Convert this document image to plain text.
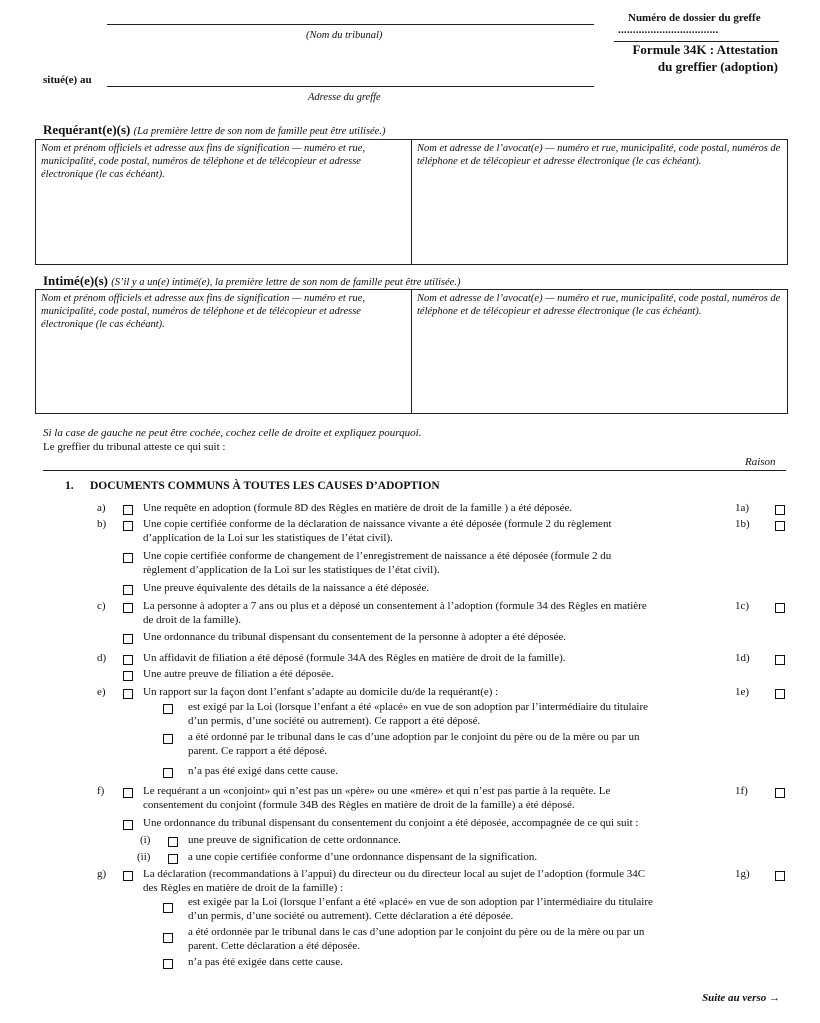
(Nom du tribunal)
situé(e) au
Adresse du greffe
Numéro de dossier du greffe
..................................
Formule 34K : Attestation
du greffier (adoption)
Requérant(e)(s) (La première lettre de son nom de famille peut être utilisée.)
Nom et prénom officiels et adresse aux fins de signification — numéro et rue, municipalité, code postal, numéros de téléphone et de télécopieur et adresse électronique (le cas échéant).
Nom et adresse de l’avocat(e) — numéro et rue, municipalité, code postal, numéros de téléphone et de télécopieur et adresse électronique (le cas échéant).
Intimé(e)(s) (S’il y a un(e) intimé(e), la première lettre de son nom de famille peut être utilisée.)
Nom et prénom officiels et adresse aux fins de signification — numéro et rue, municipalité, code postal, numéros de téléphone et de télécopieur et adresse électronique (le cas échéant).
Nom et adresse de l’avocat(e) — numéro et rue, municipalité, code postal, numéros de téléphone et de télécopieur et adresse électronique (le cas échéant).
Si la case de gauche ne peut être cochée, cochez celle de droite et expliquez pourquoi.
Le greffier du tribunal atteste ce qui suit :
Raison
1. DOCUMENTS COMMUNS À TOUTES LES CAUSES D’ADOPTION
a)	Une requête en adoption (formule 8D des Règles en matière de droit de la famille ) a été déposée.	1a)
b)	Une copie certifiée conforme de la déclaration de naissance vivante a été déposée (formule 2 du règlement
d’application de la Loi sur les statistiques de l’état civil).
1b)
Une copie certifiée conforme de changement de l’enregistrement de naissance a été déposée (formule 2 du
règlement d’application de la Loi sur les statistiques de l’état civil).
Une preuve équivalente des détails de la naissance a été déposée.
c)	La personne à adopter a 7 ans ou plus et a déposé un consentement à l’adoption (formule 34 des Règles en matière
de droit de la famille).
1c)
Une ordonnance du tribunal dispensant du consentement de la personne à adopter a été déposée.
d)	Un affidavit de filiation a été déposé (formule 34A des Règles en matière de droit de la famille).	1d)
Une autre preuve de filiation a été déposée.
e)	Un rapport sur la façon dont l’enfant s’adapte au domicile du/de la requérant(e) :	1e)
est exigé par la Loi (lorsque l’enfant a été «placé» en vue de son adoption par l’intermédiaire du titulaire
d’un permis, d’une société ou autrement). Ce rapport a été déposé.
a été ordonné par le tribunal dans le cas d’une adoption par le conjoint du père ou de la mère ou par un
parent. Ce rapport a été déposé.
n’a pas été exigé dans cette cause.
f)	Le requérant a un «conjoint» qui n’est pas un «père» ou une «mère» et qui n’est pas partie à la requête. Le
consentement du conjoint (formule 34B des Règles en matière de droit de la famille) a été déposé.
1f)
Une ordonnance du tribunal dispensant du consentement du conjoint a été déposée, accompagnée de ce qui suit :
(i)	une preuve de signification de cette ordonnance.
(ii)	a une copie certifiée conforme d’une ordonnance dispensant de la signification.
g)	La déclaration (recommandations à l’appui) du directeur ou du directeur local au sujet de l’adoption (formule 34C
des Règles en matière de droit de la famille) :
1g)
est exigée par la Loi (lorsque l’enfant a été «placé» en vue de son adoption par l’intermédiaire du titulaire
d’un permis, d’une société ou autrement). Cette déclaration a été déposée.
a été ordonnée par le tribunal dans le cas d’une adoption par le conjoint du père ou de la mère ou par un
parent. Cette déclaration a été déposée.
n’a pas été exigée dans cette cause.
Suite au verso →
